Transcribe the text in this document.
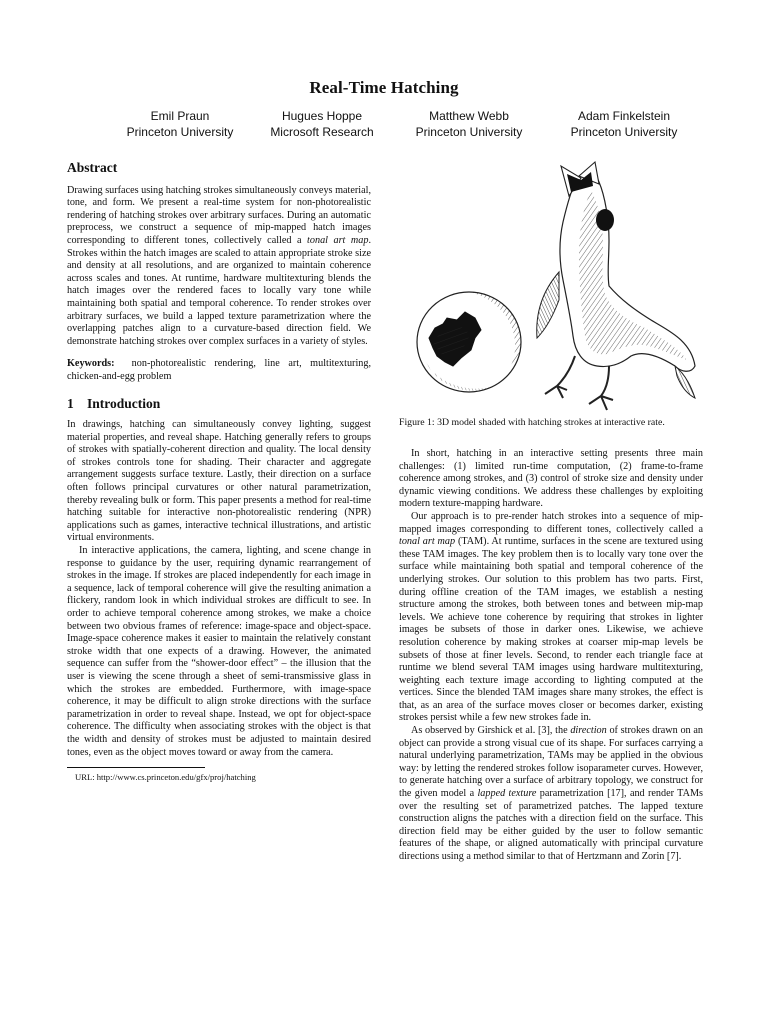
Real-Time Hatching
Emil Praun
Princeton University
Hugues Hoppe
Microsoft Research
Matthew Webb
Princeton University
Adam Finkelstein
Princeton University
Abstract

Drawing surfaces using hatching strokes simultaneously conveys material, tone, and form. We present a real-time system for non-photorealistic rendering of hatching strokes over arbitrary surfaces. During an automatic preprocess, we construct a sequence of mip-mapped hatch images corresponding to different tones, collectively called a tonal art map. Strokes within the hatch images are scaled to attain appropriate stroke size and density at all resolutions, and are organized to maintain coherence across scales and tones. At runtime, hardware multitexturing blends the hatch images over the rendered faces to locally vary tone while maintaining both spatial and temporal coherence. To render strokes over arbitrary surfaces, we build a lapped texture parametrization where the overlapping patches align to a curvature-based direction field. We demonstrate hatching strokes over complex surfaces in a variety of styles.

Keywords: non-photorealistic rendering, line art, multitexturing, chicken-and-egg problem

1 Introduction

In drawings, hatching can simultaneously convey lighting, suggest material properties, and reveal shape. Hatching generally refers to groups of strokes with spatially-coherent direction and quality. The local density of strokes controls tone for shading. Their character and aggregate arrangement suggests surface texture. Lastly, their direction on a surface often follows principal curvatures or other natural parametrization, thereby revealing bulk or form. This paper presents a method for real-time hatching suitable for interactive non-photorealistic rendering (NPR) applications such as games, interactive technical illustrations, and artistic virtual environments.

In interactive applications, the camera, lighting, and scene change in response to guidance by the user, requiring dynamic rearrangement of strokes in the image. If strokes are placed independently for each image in a sequence, lack of temporal coherence will give the resulting animation a flickery, random look in which individual strokes are difficult to see. In order to achieve temporal coherence among strokes, we make a choice between two obvious frames of reference: image-space and object-space. Image-space coherence makes it easier to maintain the relatively constant stroke width that one expects of a drawing. However, the animated sequence can suffer from the “shower-door effect” – the illusion that the user is viewing the scene through a sheet of semi-transmissive glass in which the strokes are embedded. Furthermore, with image-space coherence, it may be difficult to align stroke directions with the surface parametrization in order to reveal shape. Instead, we opt for object-space coherence. The difficulty when associating strokes with the object is that the width and density of strokes must be adjusted to maintain desired tones, even as the object moves toward or away from the camera.

URL: http://www.cs.princeton.edu/gfx/proj/hatching
Figure 1: 3D model shaded with hatching strokes at interactive rate.

In short, hatching in an interactive setting presents three main challenges: (1) limited run-time computation, (2) frame-to-frame coherence among strokes, and (3) control of stroke size and density under dynamic viewing conditions. We address these challenges by exploiting modern texture-mapping hardware.

Our approach is to pre-render hatch strokes into a sequence of mip-mapped images corresponding to different tones, collectively called a tonal art map (TAM). At runtime, surfaces in the scene are textured using these TAM images. The key problem then is to locally vary tone over the surface while maintaining both spatial and temporal coherence of the underlying strokes. Our solution to this problem has two parts. First, during offline creation of the TAM images, we establish a nesting structure among the strokes, both between tones and between mip-map levels. We achieve tone coherence by requiring that strokes in lighter images be subsets of those in darker ones. Likewise, we achieve resolution coherence by making strokes at coarser mip-map levels be subsets of those at finer levels. Second, to render each triangle face at runtime we blend several TAM images using hardware multitexturing, weighting each texture image according to lighting computed at the vertices. Since the blended TAM images share many strokes, the effect is that, as an area of the surface moves closer or becomes darker, existing strokes persist while a few new strokes fade in.

As observed by Girshick et al. [3], the direction of strokes drawn on an object can provide a strong visual cue of its shape. For surfaces carrying a natural underlying parametrization, TAMs may be applied in the obvious way: by letting the rendered strokes follow isoparameter curves. However, to generate hatching over a surface of arbitrary topology, we construct for the given model a lapped texture parametrization [17], and render TAMs over the resulting set of parametrized patches. The lapped texture construction aligns the patches with a direction field on the surface. This direction field may be either guided by the user to follow semantic features of the shape, or aligned automatically with principal curvature directions using a method similar to that of Hertzmann and Zorin [7].
